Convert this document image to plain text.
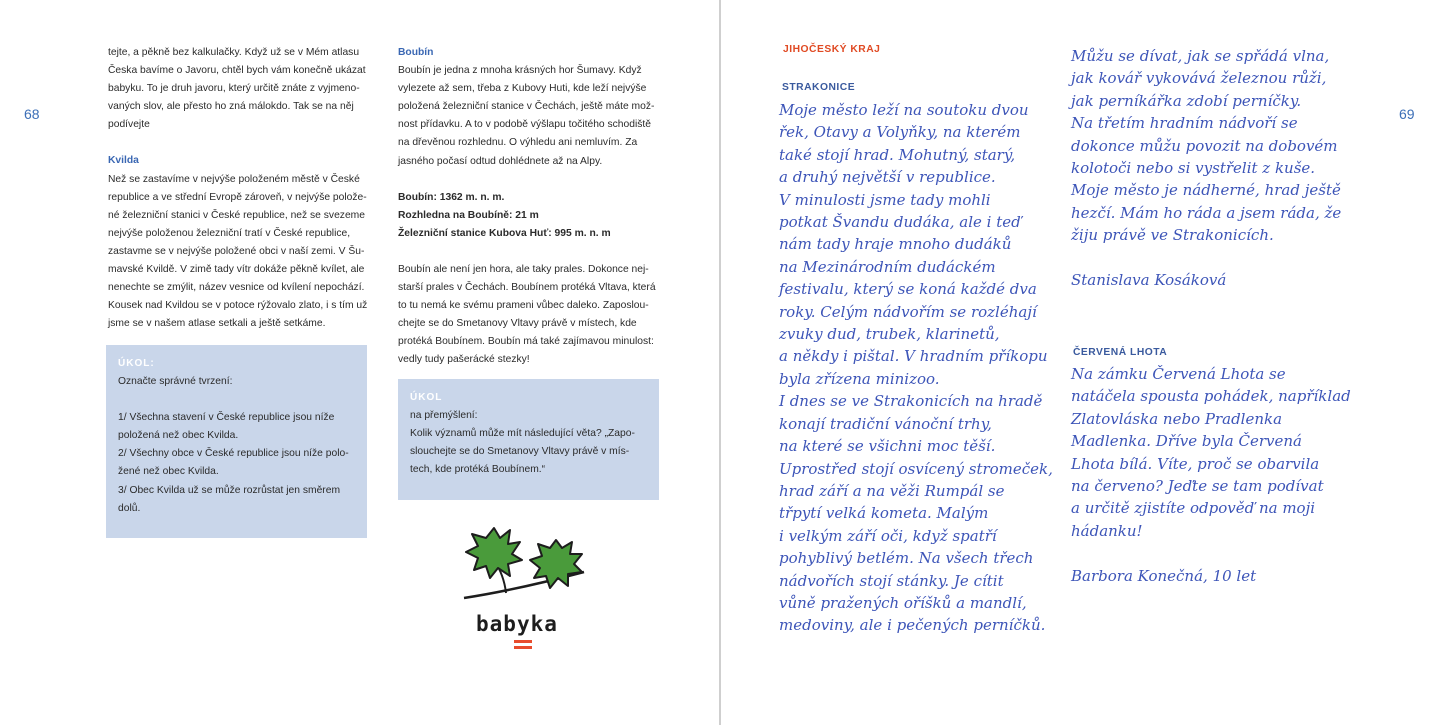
68

tejte, a pěkně bez kalkulačky. Když už se v Mém atlasu

Česka bavíme o Javoru, chtěl bych vám konečně ukázat

babyku. To je druh javoru, který určitě znáte z vyjmeno-

vaných slov, ale přesto ho zná málokdo. Tak se na něj

podívejte

Kvilda

Než se zastavíme v nejvýše položeném městě v České

republice a ve střední Evropě zároveň, v nejvýše polože-

né železniční stanici v České republice, než se svezeme

nejvýše položenou železniční tratí v České republice,

zastavme se v nejvýše položené obci v naší zemi. V Šu-

mavské Kvildě. V zimě tady vítr dokáže pěkně kvílet, ale

nenechte se zmýlit, název vesnice od kvílení nepochází.

Kousek nad Kvildou se v potoce rýžovalo zlato, i s tím už

jsme se v našem atlase setkali a ještě setkáme.

ÚKOL:

Označte správné tvrzení:

1/ Všechna stavení v České republice jsou níže

položená než obec Kvilda.

2/ Všechny obce v České republice jsou níže polo-

žené než obec Kvilda.

3/ Obec Kvilda už se může rozrůstat jen směrem

dolů.

Boubín

Boubín je jedna z mnoha krásných hor Šumavy. Když

vylezete až sem, třeba z Kubovy Huti, kde leží nejvýše

položená železniční stanice v Čechách, ještě máte mož-

nost přídavku. A to v podobě výšlapu točitého schodiště

na dřevěnou rozhlednu. O výhledu ani nemluvím. Za

jasného počasí odtud dohlédnete až na Alpy.

Boubín: 1362 m. n. m.

Rozhledna na Boubíně: 21 m

Železniční stanice Kubova Huť: 995 m. n. m

Boubín ale není jen hora, ale taky prales. Dokonce nej-

starší prales v Čechách. Boubínem protéká Vltava, která

to tu nemá ke svému prameni vůbec daleko. Zaposlou-

chejte se do Smetanovy Vltavy právě v místech, kde

protéká Boubínem. Boubín má také zajímavou minulost:

vedly tudy pašerácké stezky!

ÚKOL

na přemýšlení:

Kolik významů může mít následující věta? „Zapo-

slouchejte se do Smetanovy Vltavy právě v mís-

tech, kde protéká Boubínem.“

baby
ka
69
JIHOČESKÝ KRAJ
STRAKONICE

Moje město leží na soutoku dvou

řek, Otavy a Volyňky, na kterém

také stojí hrad. Mohutný, starý,

a druhý největší v republice.

V minulosti jsme tady mohli

potkat Švandu dudáka, ale i teď

nám tady hraje mnoho dudáků

na Mezinárodním dudáckém

festivalu, který se koná každé dva

roky. Celým nádvořím se rozléhají

zvuky dud, trubek, klarinetů,

a někdy i pištal. V hradním příkopu

byla zřízena minizoo.

I dnes se ve Strakonicích na hradě

konají tradiční vánoční trhy,

na které se všichni moc těší.

Uprostřed stojí osvícený stromeček,

hrad září a na věži Rumpál se

třpytí velká kometa. Malým

i velkým září oči, když spatří

pohyblivý betlém. Na všech třech

nádvořích stojí stánky. Je cítit

vůně pražených oříšků a mandlí,

medoviny, ale i pečených perníčků.

Můžu se dívat, jak se spřádá vlna,

jak kovář vykovává železnou růži,

jak perníkářka zdobí perníčky.

Na třetím hradním nádvoří se

dokonce můžu povozit na dobovém

kolotoči nebo si vystřelit z kuše.

Moje město je nádherné, hrad ještě

hezčí. Mám ho ráda a jsem ráda, že

žiju právě ve Strakonicích.

Stanislava Kosáková

ČERVENÁ LHOTA

Na zámku Červená Lhota se

natáčela spousta pohádek, například

Zlatovláska nebo Pradlenka

Madlenka. Dříve byla Červená

Lhota bílá. Víte, proč se obarvila

na červeno? Jeďte se tam podívat

a určitě zjistíte odpověď na moji

hádanku!

Barbora Konečná, 10 let
